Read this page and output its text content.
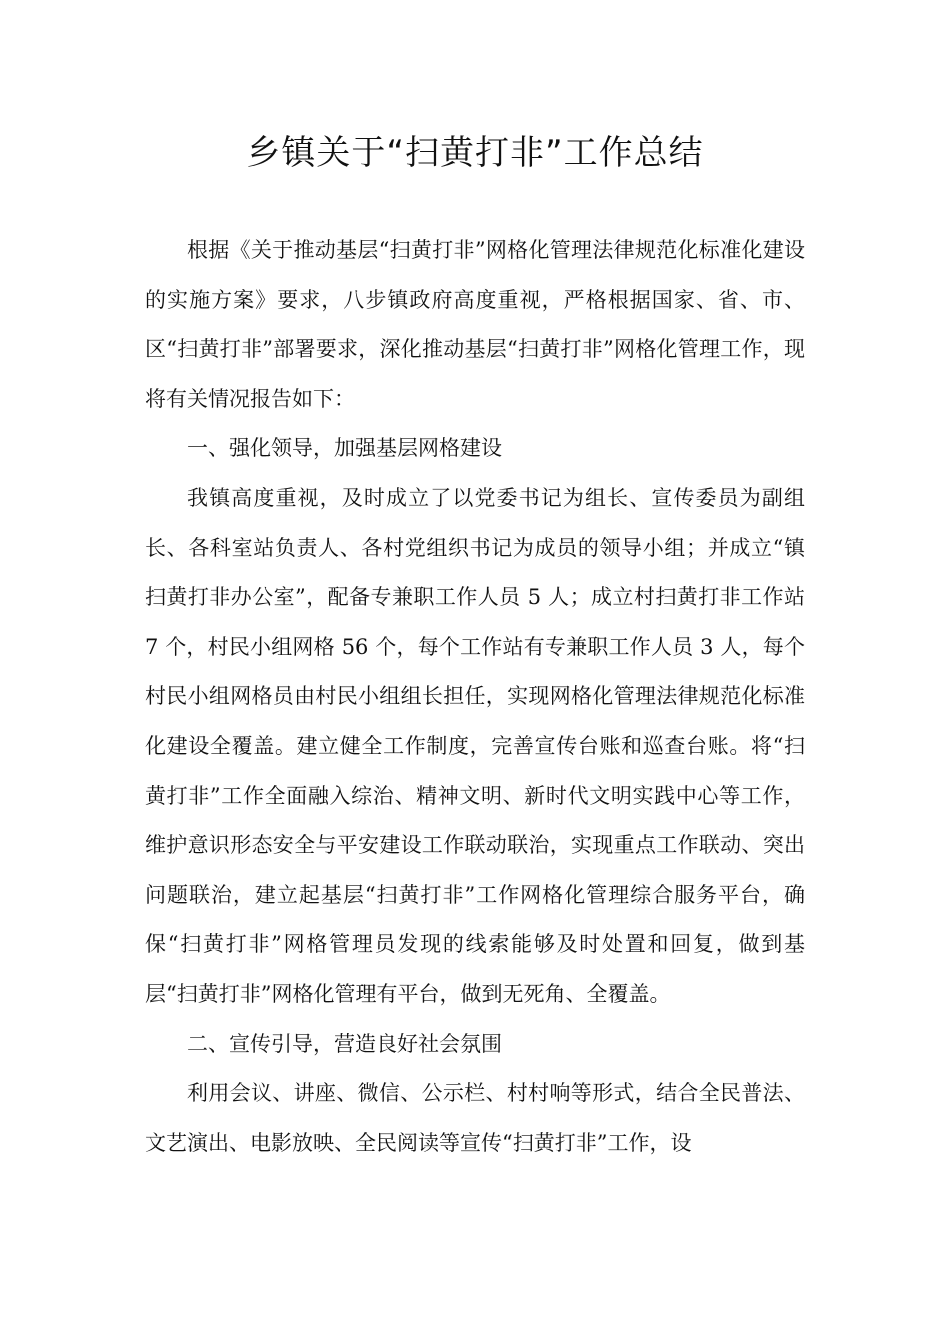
乡镇关于“扫黄打非”工作总结

根据《关于推动基层“扫黄打非”网格化管理法律规范化标准化建设的实施方案》要求，八步镇政府高度重视，严格根据国家、省、市、区“扫黄打非”部署要求，深化推动基层“扫黄打非”网格化管理工作，现将有关情况报告如下：

一、强化领导，加强基层网格建设

我镇高度重视，及时成立了以党委书记为组长、宣传委员为副组长、各科室站负责人、各村党组织书记为成员的领导小组；并成立“镇扫黄打非办公室”，配备专兼职工作人员 5 人；成立村扫黄打非工作站 7 个，村民小组网格 56 个，每个工作站有专兼职工作人员 3 人，每个村民小组网格员由村民小组组长担任，实现网格化管理法律规范化标准化建设全覆盖。建立健全工作制度，完善宣传台账和巡查台账。将“扫黄打非”工作全面融入综治、精神文明、新时代文明实践中心等工作，维护意识形态安全与平安建设工作联动联治，实现重点工作联动、突出问题联治，建立起基层“扫黄打非”工作网格化管理综合服务平台，确保“扫黄打非”网格管理员发现的线索能够及时处置和回复，做到基层“扫黄打非”网格化管理有平台，做到无死角、全覆盖。

二、宣传引导，营造良好社会氛围

利用会议、讲座、微信、公示栏、村村响等形式，结合全民普法、文艺演出、电影放映、全民阅读等宣传“扫黄打非”工作，设
